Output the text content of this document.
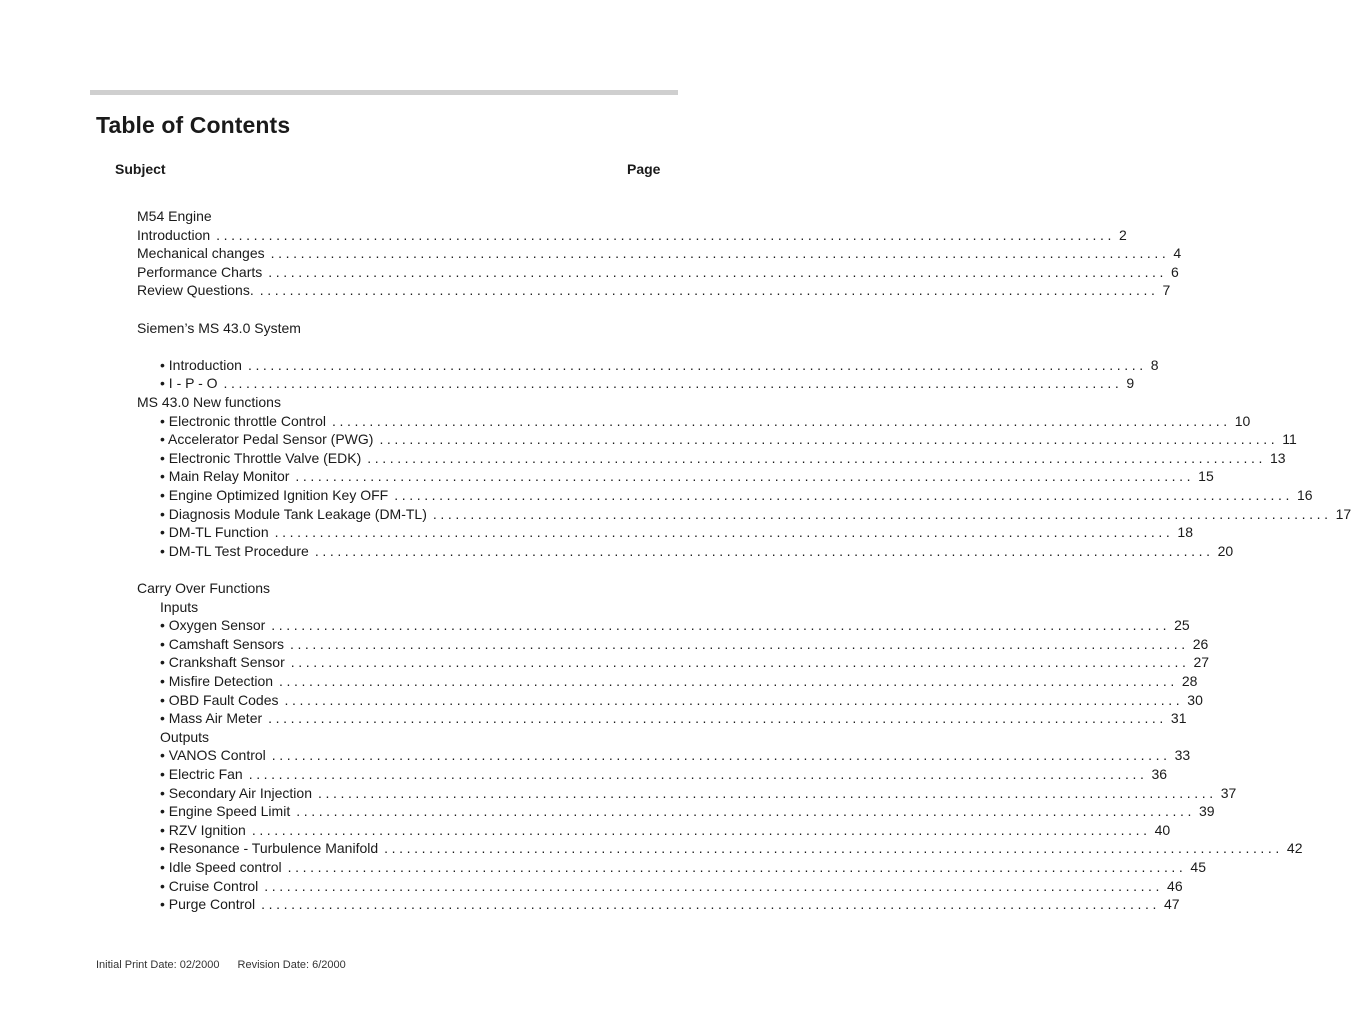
Table of Contents
Subject	Page
M54 Engine
Introduction ........................................................................................................................ 2
Mechanical changes ........................................................................................................................ 4
Performance Charts ........................................................................................................................ 6
Review Questions. ........................................................................................................................ 7
Siemen’s MS 43.0 System
• Introduction ........................................................................................................................ 8
• I - P - O ........................................................................................................................ 9
MS 43.0 New functions
• Electronic throttle Control ........................................................................................................................ 10
• Accelerator Pedal Sensor (PWG) ........................................................................................................................ 11
• Electronic Throttle Valve (EDK) ........................................................................................................................ 13
• Main Relay Monitor ........................................................................................................................ 15
• Engine Optimized Ignition Key OFF ........................................................................................................................ 16
• Diagnosis Module Tank Leakage (DM-TL) ........................................................................................................................ 17
• DM-TL Function ........................................................................................................................ 18
• DM-TL Test Procedure ........................................................................................................................ 20
Carry Over Functions
Inputs
• Oxygen Sensor ........................................................................................................................ 25
• Camshaft Sensors ........................................................................................................................ 26
• Crankshaft Sensor ........................................................................................................................ 27
• Misfire Detection ........................................................................................................................ 28
• OBD Fault Codes ........................................................................................................................ 30
• Mass Air Meter ........................................................................................................................ 31
Outputs
• VANOS Control ........................................................................................................................ 33
• Electric Fan ........................................................................................................................ 36
• Secondary Air Injection ........................................................................................................................ 37
• Engine Speed Limit ........................................................................................................................ 39
• RZV Ignition ........................................................................................................................ 40
• Resonance - Turbulence Manifold ........................................................................................................................ 42
• Idle Speed control ........................................................................................................................ 45
• Cruise Control ........................................................................................................................ 46
• Purge Control ........................................................................................................................ 47
Initial Print Date: 02/2000 Revision Date: 6/2000
